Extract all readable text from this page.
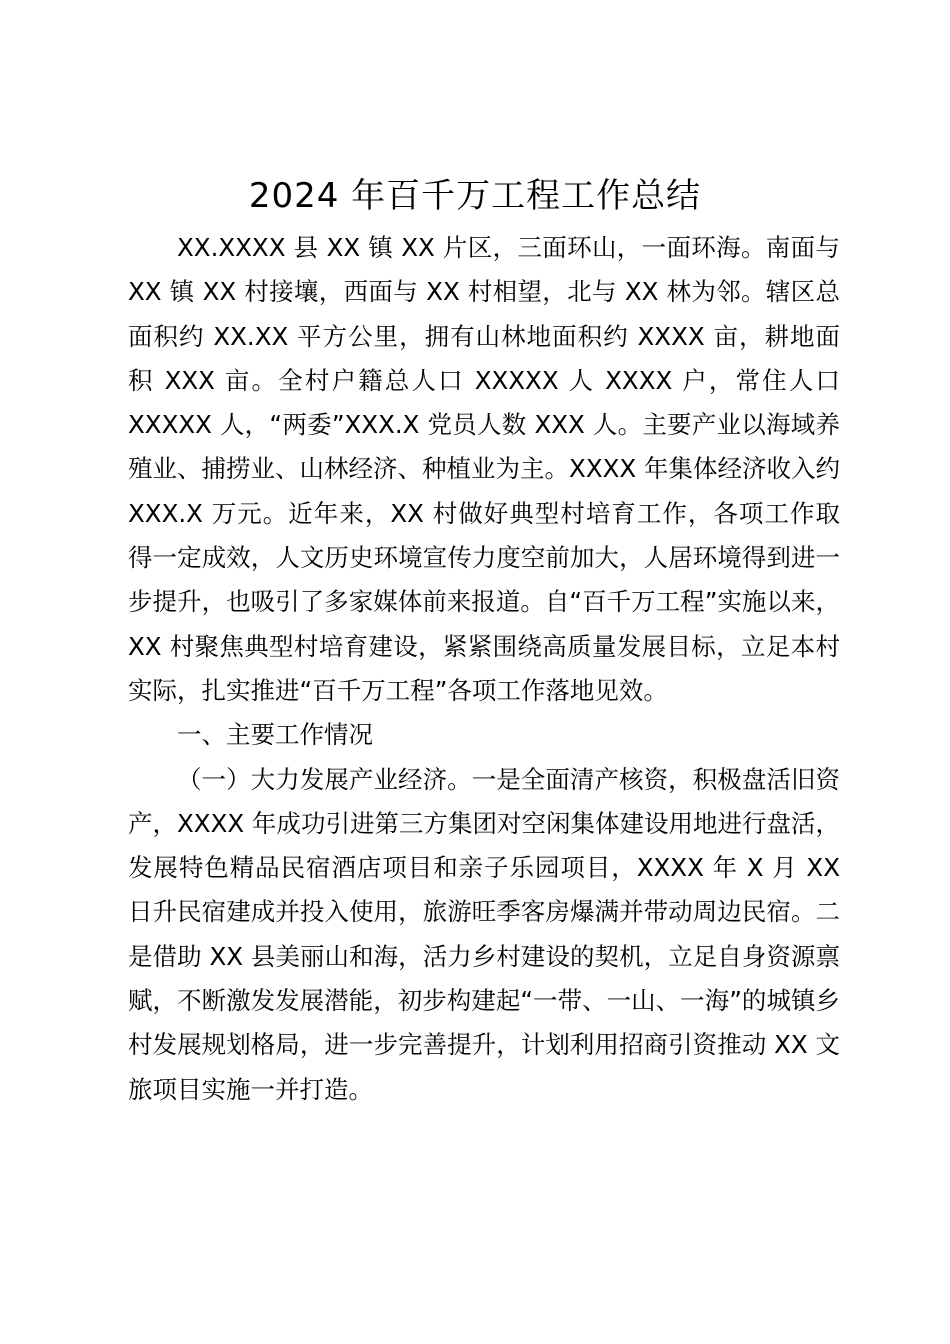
2024 年百千万工程工作总结

XX.XXXX 县 XX 镇 XX 片区，三面环山，一面环海。南面与 XX 镇 XX 村接壤，西面与 XX 村相望，北与 XX 林为邻。辖区总面积约 XX.XX 平方公里，拥有山林地面积约 XXXX 亩，耕地面积 XXX 亩。全村户籍总人口 XXXXX 人 XXXX 户，常住人口 XXXXX 人，“两委”XXX.X 党员人数 XXX 人。主要产业以海域养殖业、捕捞业、山林经济、种植业为主。XXXX 年集体经济收入约 XXX.X 万元。近年来，XX 村做好典型村培育工作，各项工作取得一定成效，人文历史环境宣传力度空前加大，人居环境得到进一步提升，也吸引了多家媒体前来报道。自“百千万工程”实施以来，XX 村聚焦典型村培育建设，紧紧围绕高质量发展目标，立足本村实际，扎实推进“百千万工程”各项工作落地见效。

一、主要工作情况

（一）大力发展产业经济。一是全面清产核资，积极盘活旧资产，XXXX 年成功引进第三方集团对空闲集体建设用地进行盘活，发展特色精品民宿酒店项目和亲子乐园项目，XXXX 年 X 月 XX 日升民宿建成并投入使用，旅游旺季客房爆满并带动周边民宿。二是借助 XX 县美丽山和海，活力乡村建设的契机，立足自身资源禀赋，不断激发发展潜能，初步构建起“一带、一山、一海”的城镇乡村发展规划格局，进一步完善提升，计划利用招商引资推动 XX 文旅项目实施一并打造。
